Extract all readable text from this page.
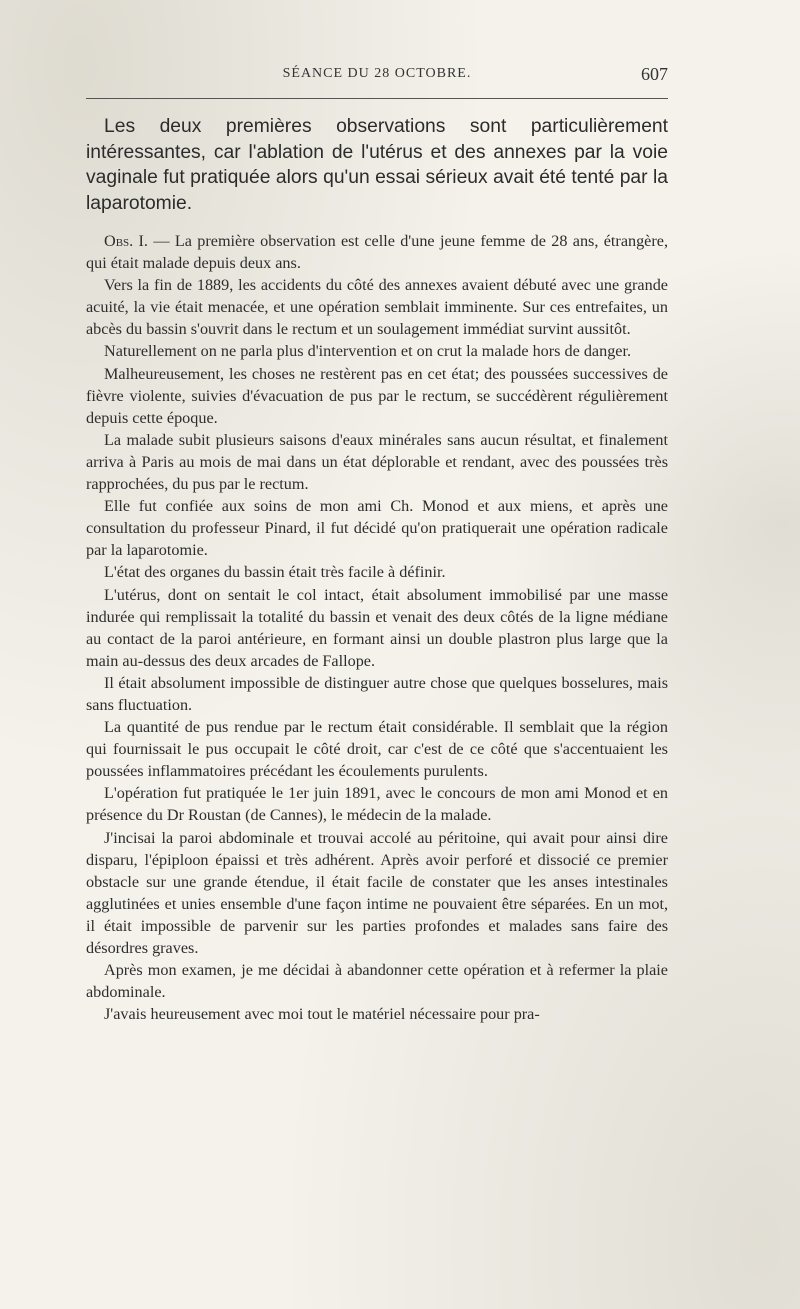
SÉANCE DU 28 OCTOBRE.	607

Les deux premières observations sont particulièrement intéressantes, car l'ablation de l'utérus et des annexes par la voie vaginale fut pratiquée alors qu'un essai sérieux avait été tenté par la laparotomie.

Obs. I. — La première observation est celle d'une jeune femme de 28 ans, étrangère, qui était malade depuis deux ans.

Vers la fin de 1889, les accidents du côté des annexes avaient débuté avec une grande acuité, la vie était menacée, et une opération semblait imminente. Sur ces entrefaites, un abcès du bassin s'ouvrit dans le rectum et un soulagement immédiat survint aussitôt.

Naturellement on ne parla plus d'intervention et on crut la malade hors de danger.

Malheureusement, les choses ne restèrent pas en cet état; des poussées successives de fièvre violente, suivies d'évacuation de pus par le rectum, se succédèrent régulièrement depuis cette époque.

La malade subit plusieurs saisons d'eaux minérales sans aucun résultat, et finalement arriva à Paris au mois de mai dans un état déplorable et rendant, avec des poussées très rapprochées, du pus par le rectum.

Elle fut confiée aux soins de mon ami Ch. Monod et aux miens, et après une consultation du professeur Pinard, il fut décidé qu'on pratiquerait une opération radicale par la laparotomie.

L'état des organes du bassin était très facile à définir.

L'utérus, dont on sentait le col intact, était absolument immobilisé par une masse indurée qui remplissait la totalité du bassin et venait des deux côtés de la ligne médiane au contact de la paroi antérieure, en formant ainsi un double plastron plus large que la main au-dessus des deux arcades de Fallope.

Il était absolument impossible de distinguer autre chose que quelques bosselures, mais sans fluctuation.

La quantité de pus rendue par le rectum était considérable. Il semblait que la région qui fournissait le pus occupait le côté droit, car c'est de ce côté que s'accentuaient les poussées inflammatoires précédant les écoulements purulents.

L'opération fut pratiquée le 1er juin 1891, avec le concours de mon ami Monod et en présence du Dr Roustan (de Cannes), le médecin de la malade.

J'incisai la paroi abdominale et trouvai accolé au péritoine, qui avait pour ainsi dire disparu, l'épiploon épaissi et très adhérent. Après avoir perforé et dissocié ce premier obstacle sur une grande étendue, il était facile de constater que les anses intestinales agglutinées et unies ensemble d'une façon intime ne pouvaient être séparées. En un mot, il était impossible de parvenir sur les parties profondes et malades sans faire des désordres graves.

Après mon examen, je me décidai à abandonner cette opération et à refermer la plaie abdominale.

J'avais heureusement avec moi tout le matériel nécessaire pour pra-
